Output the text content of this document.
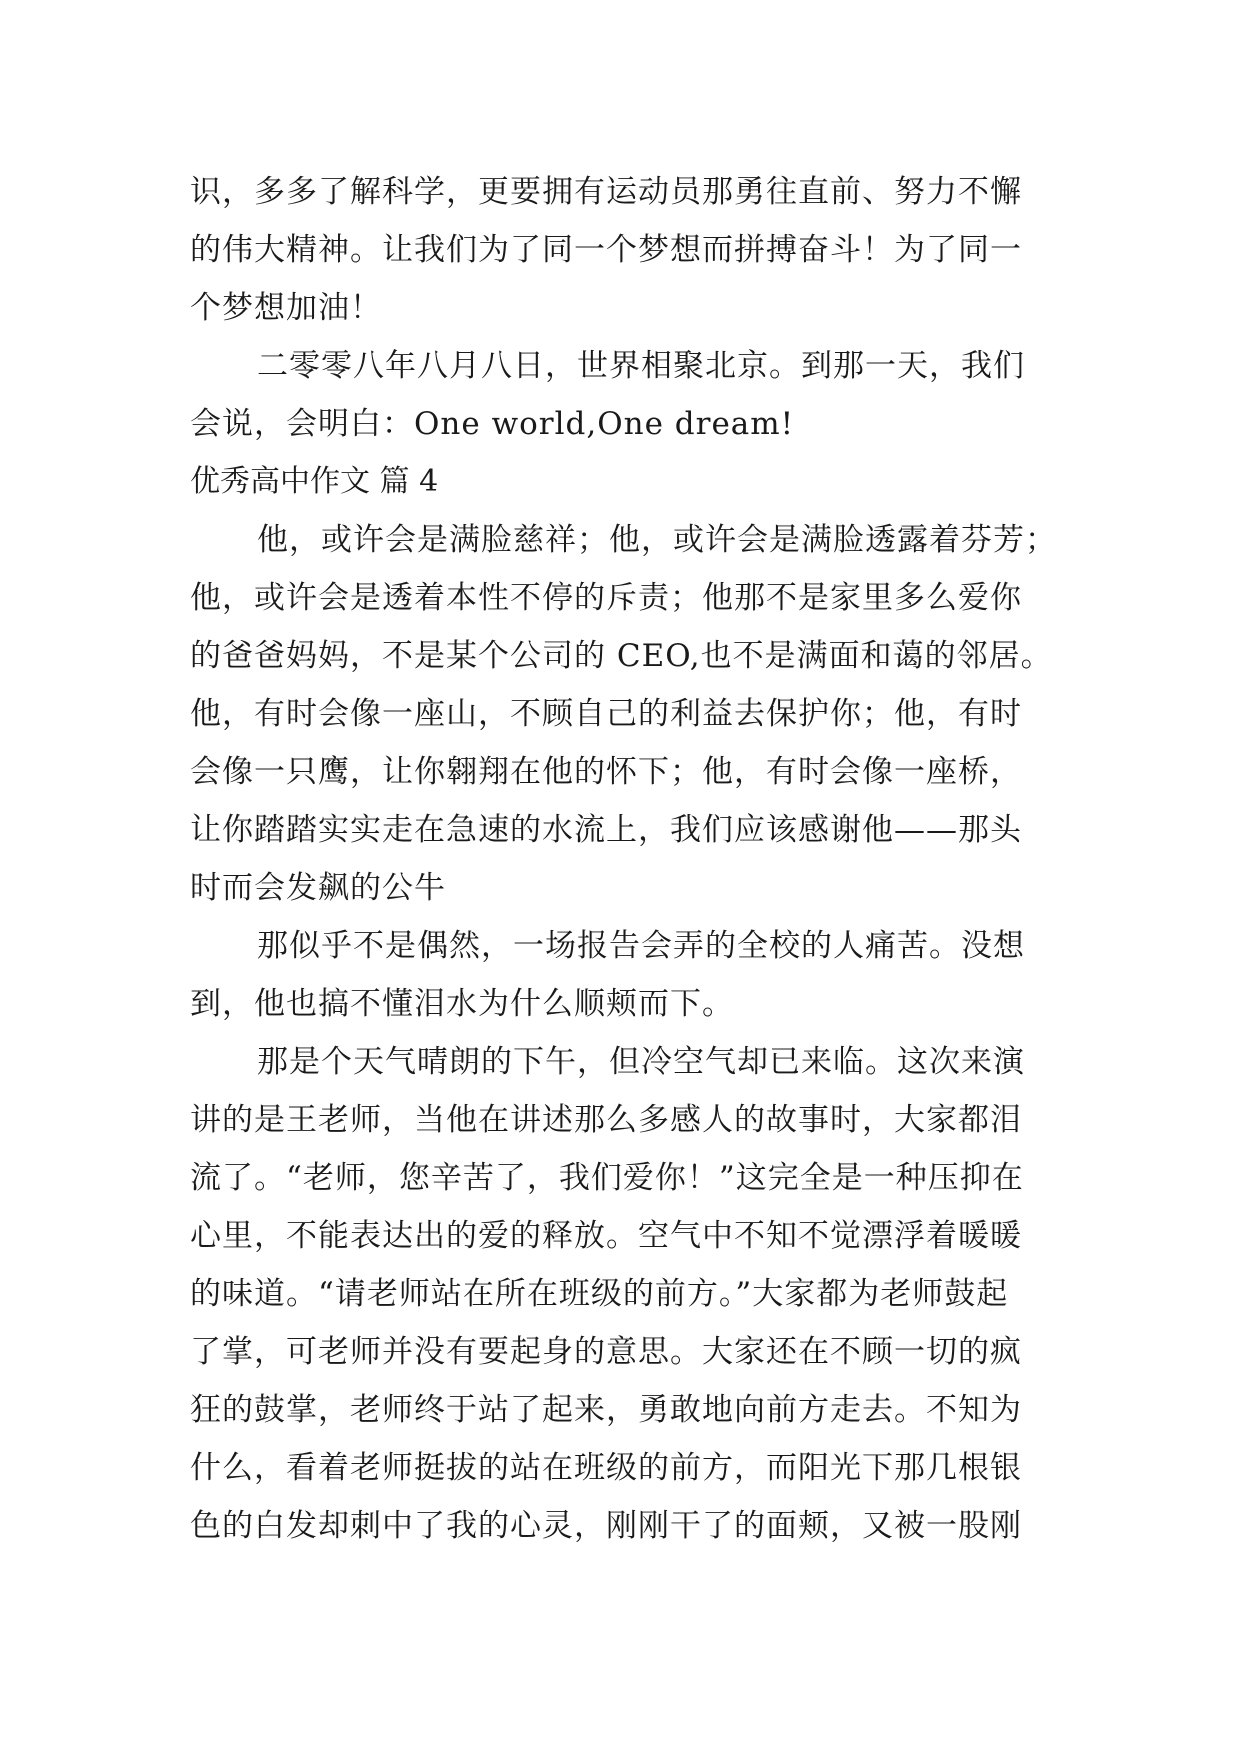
识，多多了解科学，更要拥有运动员那勇往直前、努力不懈
的伟大精神。让我们为了同一个梦想而拼搏奋斗！为了同一
个梦想加油！
二零零八年八月八日，世界相聚北京。到那一天，我们
会说，会明白：One world,One dream!
优秀高中作文 篇 4
他，或许会是满脸慈祥；他，或许会是满脸透露着芬芳；
他，或许会是透着本性不停的斥责；他那不是家里多么爱你
的爸爸妈妈，不是某个公司的 CEO,也不是满面和蔼的邻居。
他，有时会像一座山，不顾自己的利益去保护你；他，有时
会像一只鹰，让你翱翔在他的怀下；他，有时会像一座桥，
让你踏踏实实走在急速的水流上，我们应该感谢他——那头
时而会发飙的公牛
那似乎不是偶然，一场报告会弄的全校的人痛苦。没想
到，他也搞不懂泪水为什么顺颊而下。
那是个天气晴朗的下午，但冷空气却已来临。这次来演
讲的是王老师，当他在讲述那么多感人的故事时，大家都泪
流了。“老师，您辛苦了，我们爱你！”这完全是一种压抑在
心里，不能表达出的爱的释放。空气中不知不觉漂浮着暖暖
的味道。“请老师站在所在班级的前方。”大家都为老师鼓起
了掌，可老师并没有要起身的意思。大家还在不顾一切的疯
狂的鼓掌，老师终于站了起来，勇敢地向前方走去。不知为
什么，看着老师挺拔的站在班级的前方，而阳光下那几根银
色的白发却刺中了我的心灵，刚刚干了的面颊，又被一股刚
